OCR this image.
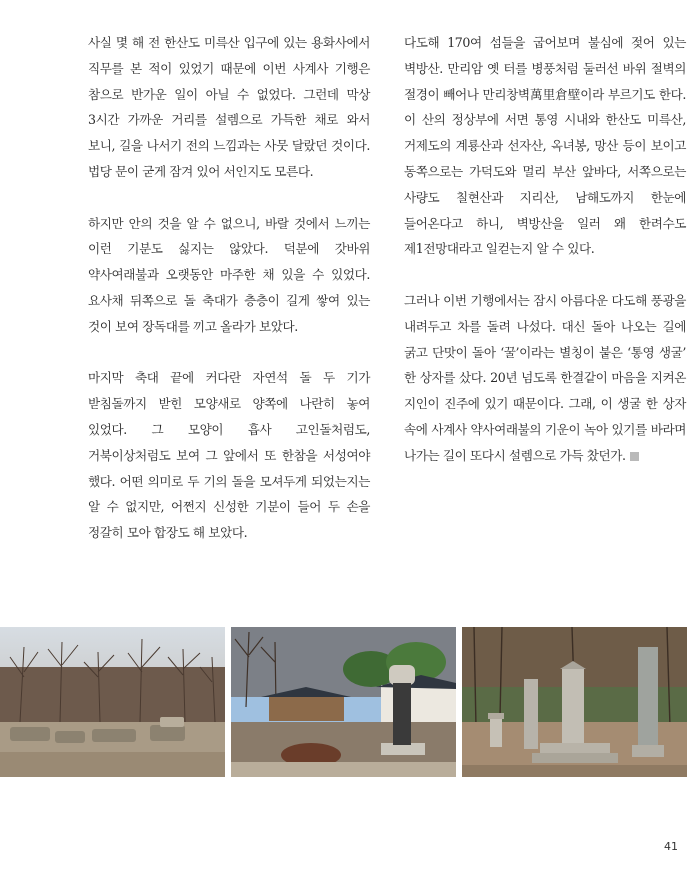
사실 몇 해 전 한산도 미륵산 입구에 있는 용화사에서 직무를 본 적이 있었기 때문에 이번 사계사 기행은 참으로 반가운 일이 아닐 수 없었다. 그런데 막상 3시간 가까운 거리를 설렘으로 가득한 채로 와서 보니, 길을 나서기 전의 느낌과는 사뭇 달랐던 것이다. 법당 문이 굳게 잠겨 있어 서인지도 모른다.

하지만 안의 것을 알 수 없으니, 바랄 것에서 느끼는 이런 기분도 싫지는 않았다. 덕분에 갓바위 약사여래불과 오랫동안 마주한 채 있을 수 있었다. 요사채 뒤쪽으로 돌 축대가 층층이 길게 쌓여 있는 것이 보여 장독대를 끼고 올라가 보았다.

마지막 축대 끝에 커다란 자연석 돌 두 기가 받침돌까지 받힌 모양새로 양쪽에 나란히 놓여 있었다. 그 모양이 흡사 고인돌처럼도, 거북이상처럼도 보여 그 앞에서 또 한참을 서성여야 했다. 어떤 의미로 두 기의 돌을 모셔두게 되었는지는 알 수 없지만, 어쩐지 신성한 기분이 들어 두 손을 정갈히 모아 합장도 해 보았다.

다도해 170여 섬들을 굽어보며 불심에 젖어 있는 벽방산. 만리암 옛 터를 병풍처럼 둘러선 바위 절벽의 절경이 빼어나 만리창벽萬里倉壁이라 부르기도 한다. 이 산의 정상부에 서면 통영 시내와 한산도 미륵산, 거제도의 계룡산과 선자산, 옥녀봉, 망산 등이 보이고 동쪽으로는 가덕도와 멀리 부산 앞바다, 서쪽으로는 사량도 칠현산과 지리산, 남해도까지 한눈에 들어온다고 하니, 벽방산을 일러 왜 한려수도 제1전망대라고 일컫는지 알 수 있다.

그러나 이번 기행에서는 잠시 아름다운 다도해 풍광을 내려두고 차를 돌려 나섰다. 대신 돌아 나오는 길에 굵고 단맛이 돌아 ‘꿀’이라는 별칭이 붙은 ‘통영 생굴’ 한 상자를 샀다. 20년 넘도록 한결같이 마음을 지켜온 지인이 진주에 있기 때문이다. 그래, 이 생굴 한 상자 속에 사계사 약사여래불의 기운이 녹아 있기를 바라며 나가는 길이 또다시 설렘으로 가득 찼던가.

41
